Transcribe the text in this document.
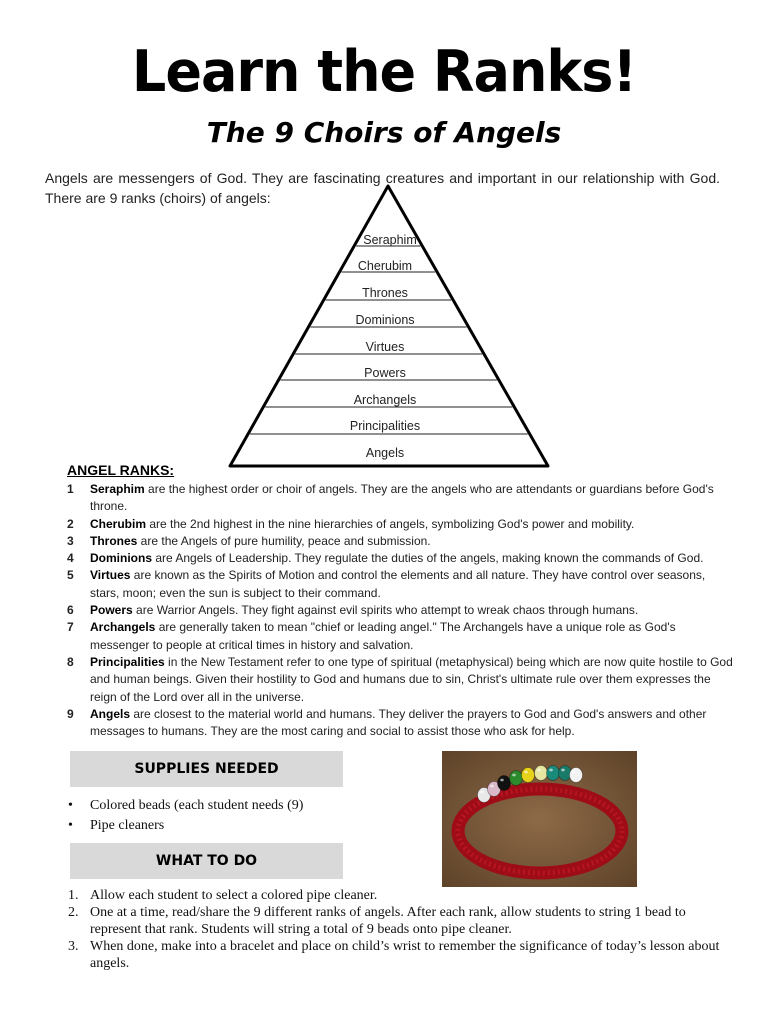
Learn the Ranks!
The 9 Choirs of Angels
Angels are messengers of God. They are fascinating creatures and important in our relationship with God. There are 9 ranks (choirs) of angels:
Seraphim
Cherubim
Thrones
Dominions
Virtues
Powers
Archangels
Principalities
Angels
ANGEL RANKS:
1 Seraphim are the highest order or choir of angels. They are the angels who are attendants or guardians before God's throne.
2 Cherubim are the 2nd highest in the nine hierarchies of angels, symbolizing God's power and mobility.
3 Thrones are the Angels of pure humility, peace and submission.
4 Dominions are Angels of Leadership. They regulate the duties of the angels, making known the commands of God.
5 Virtues are known as the Spirits of Motion and control the elements and all nature. They have control over seasons, stars, moon; even the sun is subject to their command.
6 Powers are Warrior Angels. They fight against evil spirits who attempt to wreak chaos through humans.
7 Archangels are generally taken to mean "chief or leading angel." The Archangels have a unique role as God's messenger to people at critical times in history and salvation.
8 Principalities in the New Testament refer to one type of spiritual (metaphysical) being which are now quite hostile to God and human beings. Given their hostility to God and humans due to sin, Christ's ultimate rule over them expresses the reign of the Lord over all in the universe.
9 Angels are closest to the material world and humans. They deliver the prayers to God and God's answers and other messages to humans. They are the most caring and social to assist those who ask for help.
SUPPLIES NEEDED
• Colored beads (each student needs (9)
• Pipe cleaners
WHAT TO DO
1. Allow each student to select a colored pipe cleaner.
2. One at a time, read/share the 9 different ranks of angels. After each rank, allow students to string 1 bead to represent that rank. Students will string a total of 9 beads onto pipe cleaner.
3. When done, make into a bracelet and place on child’s wrist to remember the significance of today’s lesson about angels.
